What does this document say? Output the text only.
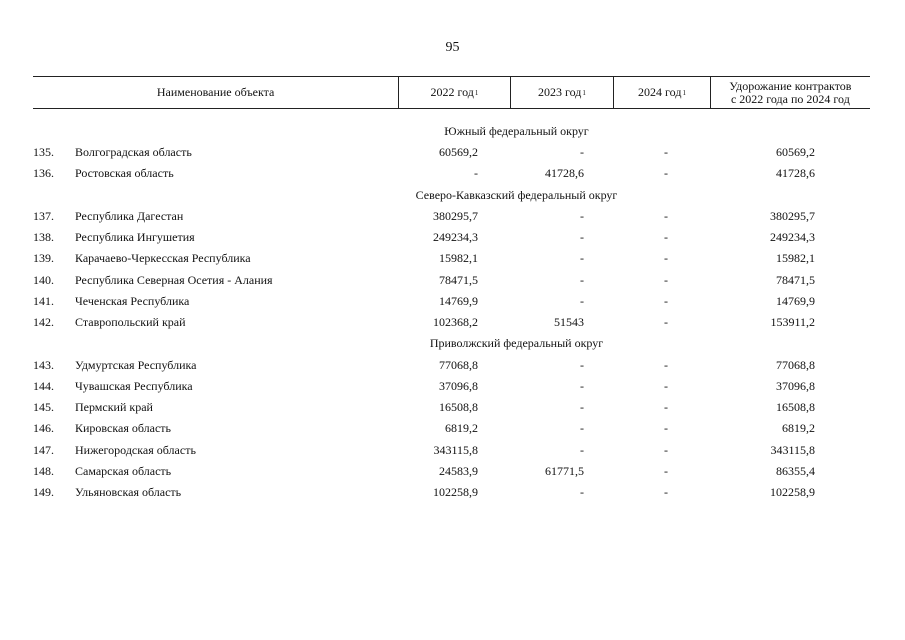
95
Наименование объекта	2022 год 1	2023 год 1	2024 год 1	Удорожание контрактов
с 2022 года по 2024 год
Южный федеральный округ
135.	Волгоградская область	60569,2	-	-	60569,2
136.	Ростовская область	-	41728,6	-	41728,6
Северо-Кавказский федеральный округ
137.	Республика Дагестан	380295,7	-	-	380295,7
138.	Республика Ингушетия	249234,3	-	-	249234,3
139.	Карачаево-Черкесская Республика	15982,1	-	-	15982,1
140.	Республика Северная Осетия - Алания	78471,5	-	-	78471,5
141.	Чеченская Республика	14769,9	-	-	14769,9
142.	Ставропольский край	102368,2	51543	-	153911,2
Приволжский федеральный округ
143.	Удмуртская Республика	77068,8	-	-	77068,8
144.	Чувашская Республика	37096,8	-	-	37096,8
145.	Пермский край	16508,8	-	-	16508,8
146.	Кировская область	6819,2	-	-	6819,2
147.	Нижегородская область	343115,8	-	-	343115,8
148.	Самарская область	24583,9	61771,5	-	86355,4
149.	Ульяновская область	102258,9	-	-	102258,9
